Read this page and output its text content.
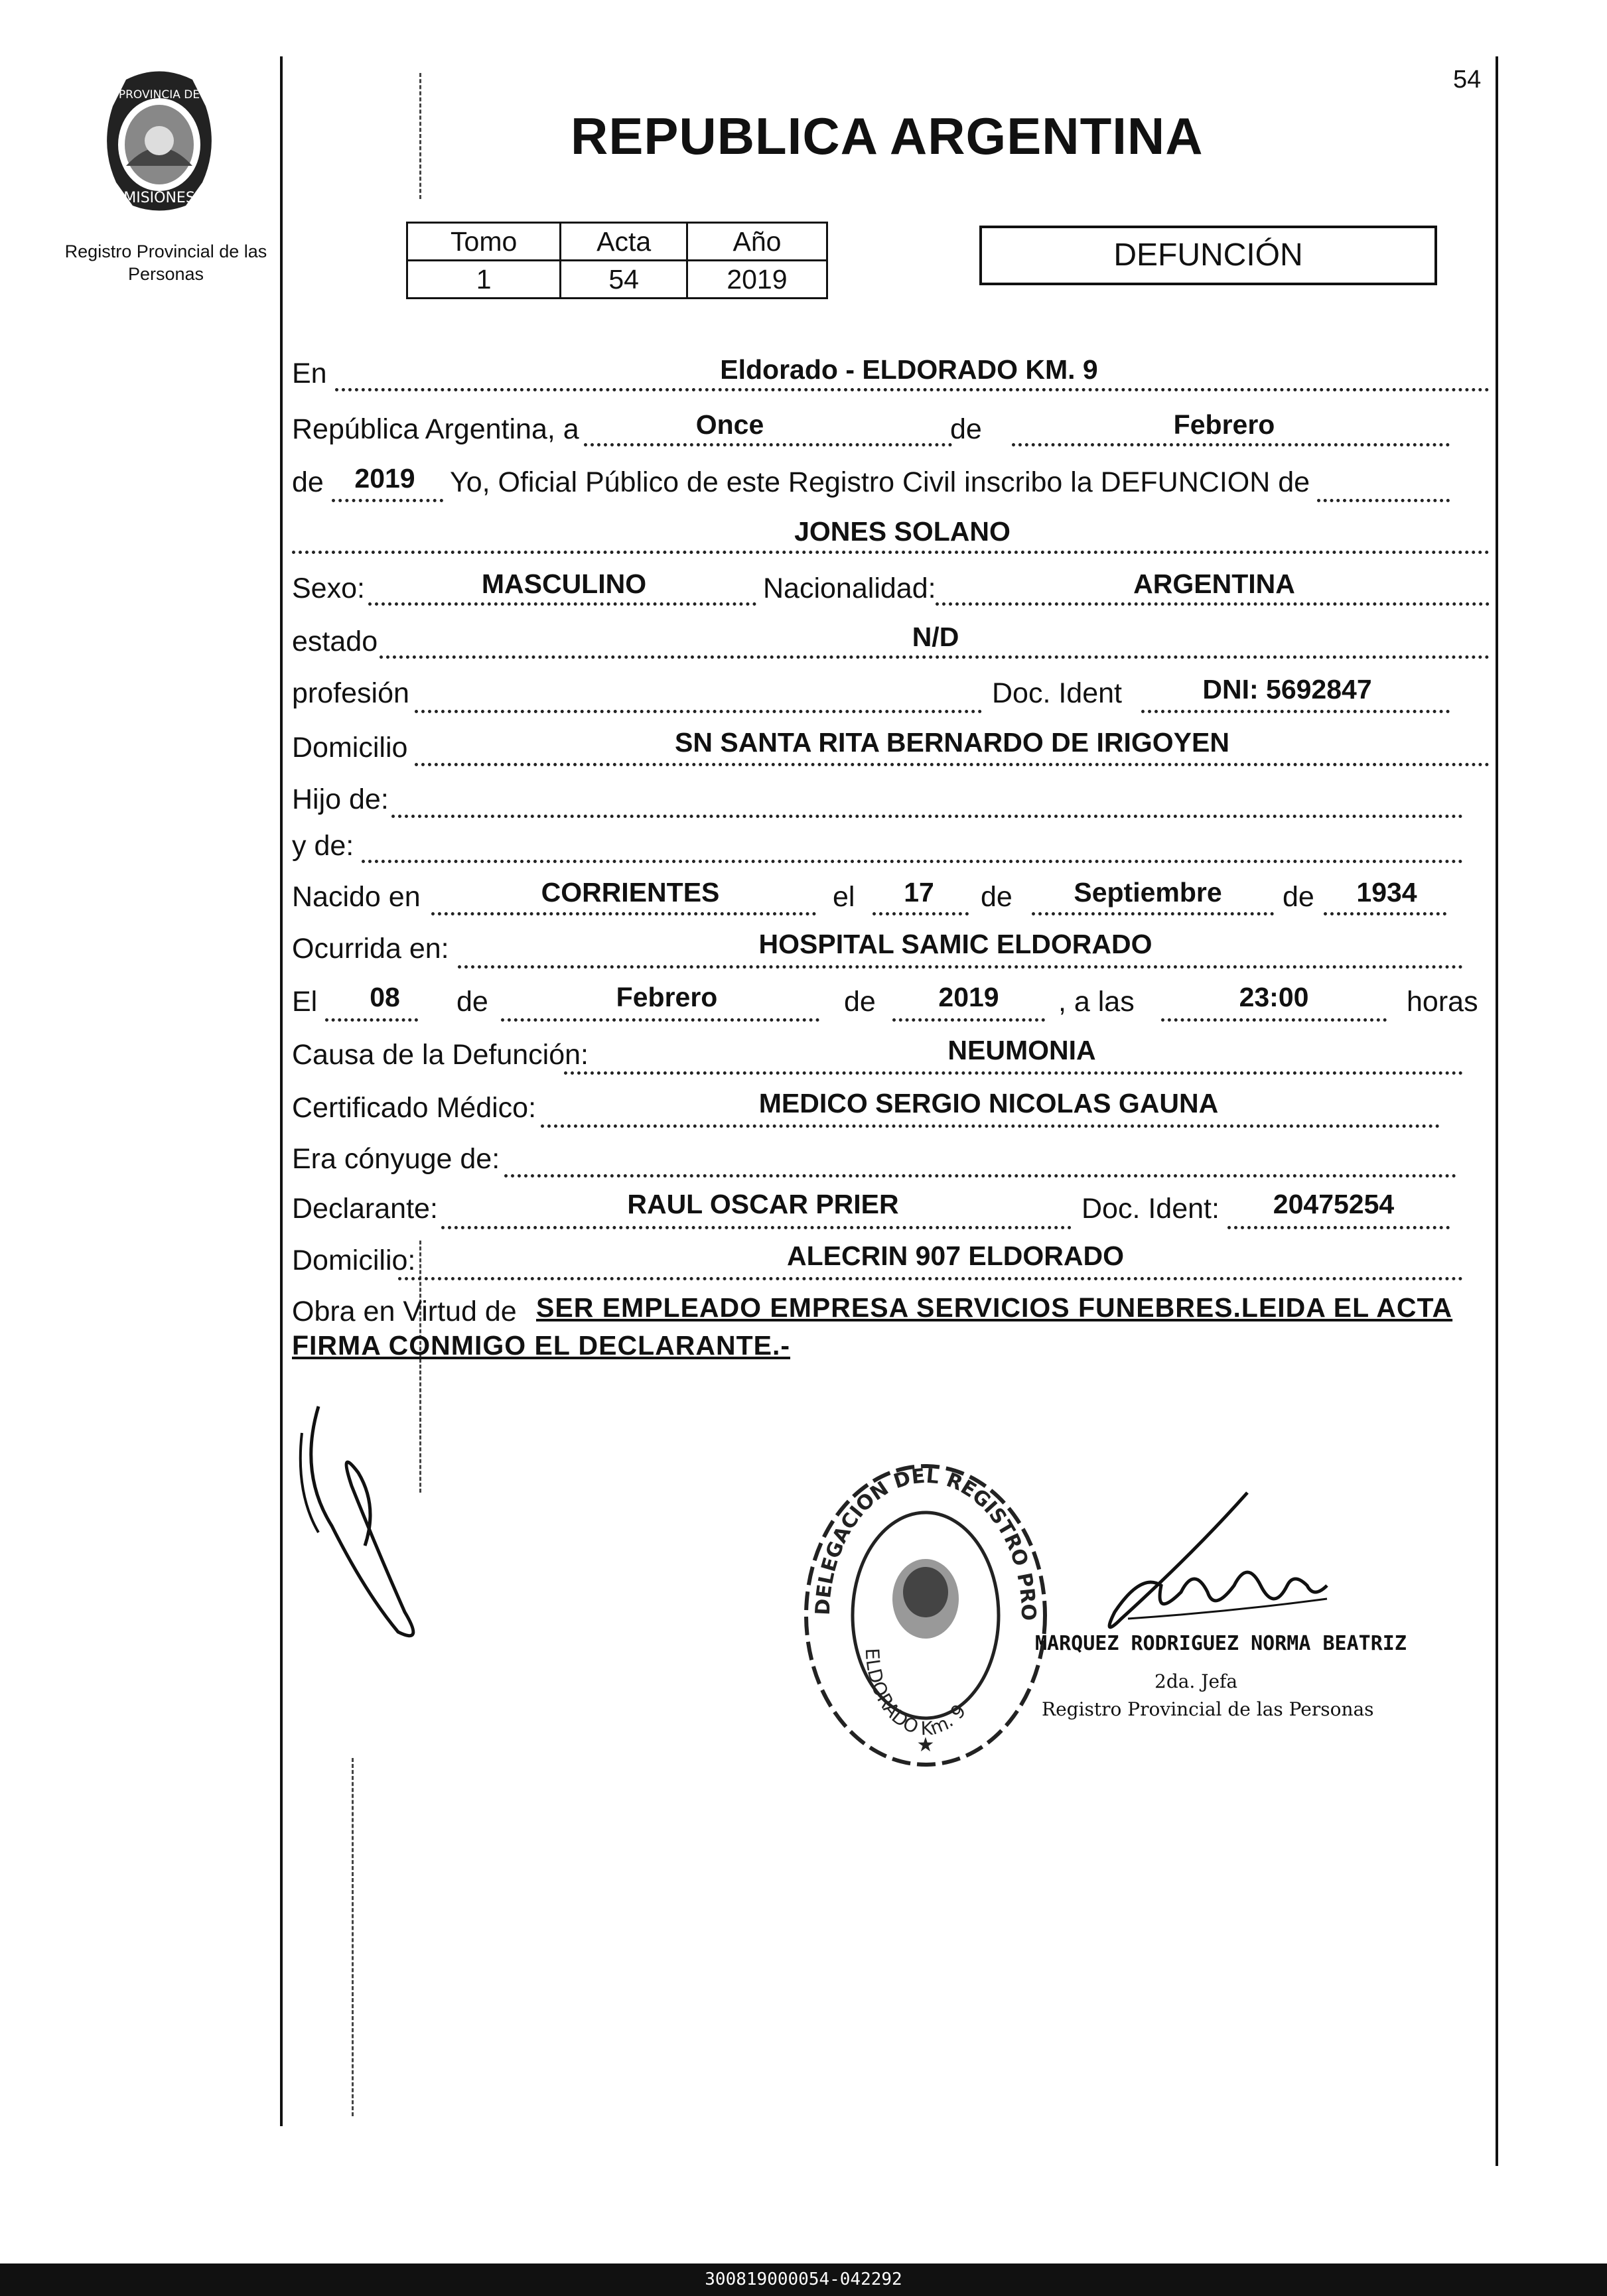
54
PROVINCIA DE
MISIONES
Registro Provincial de las Personas
REPUBLICA ARGENTINA
Tomo	Acta	Año
1	54	2019
DEFUNCIÓN
En	Eldorado - ELDORADO KM. 9
República Argentina, a	Once	de	Febrero
de	2019	Yo, Oficial Público de este Registro Civil inscribo la DEFUNCION de
JONES SOLANO
Sexo:	MASCULINO	Nacionalidad:	ARGENTINA
estado	N/D
profesión	Doc. Ident	DNI: 5692847
Domicilio	SN SANTA RITA BERNARDO DE IRIGOYEN
Hijo de:
y de:
Nacido en	CORRIENTES	el	17	de	Septiembre	de	1934
Ocurrida en:	HOSPITAL SAMIC ELDORADO
El	08	de	Febrero	de	2019	, a las	23:00	horas
Causa de la Defunción:	NEUMONIA
Certificado Médico:	MEDICO SERGIO NICOLAS GAUNA
Era cónyuge de:
Declarante:	RAUL OSCAR PRIER	Doc. Ident:	20475254
Domicilio:	ALECRIN 907 ELDORADO
Obra en Virtud de SER EMPLEADO EMPRESA SERVICIOS FUNEBRES.LEIDA EL ACTA
FIRMA CONMIGO EL DECLARANTE.-
DELEGACION DEL REGISTRO PRO
ELDORADO Km. 9
★
MARQUEZ RODRIGUEZ NORMA BEATRIZ
2da. Jefa
Registro Provincial de las Personas
300819000054-042292
